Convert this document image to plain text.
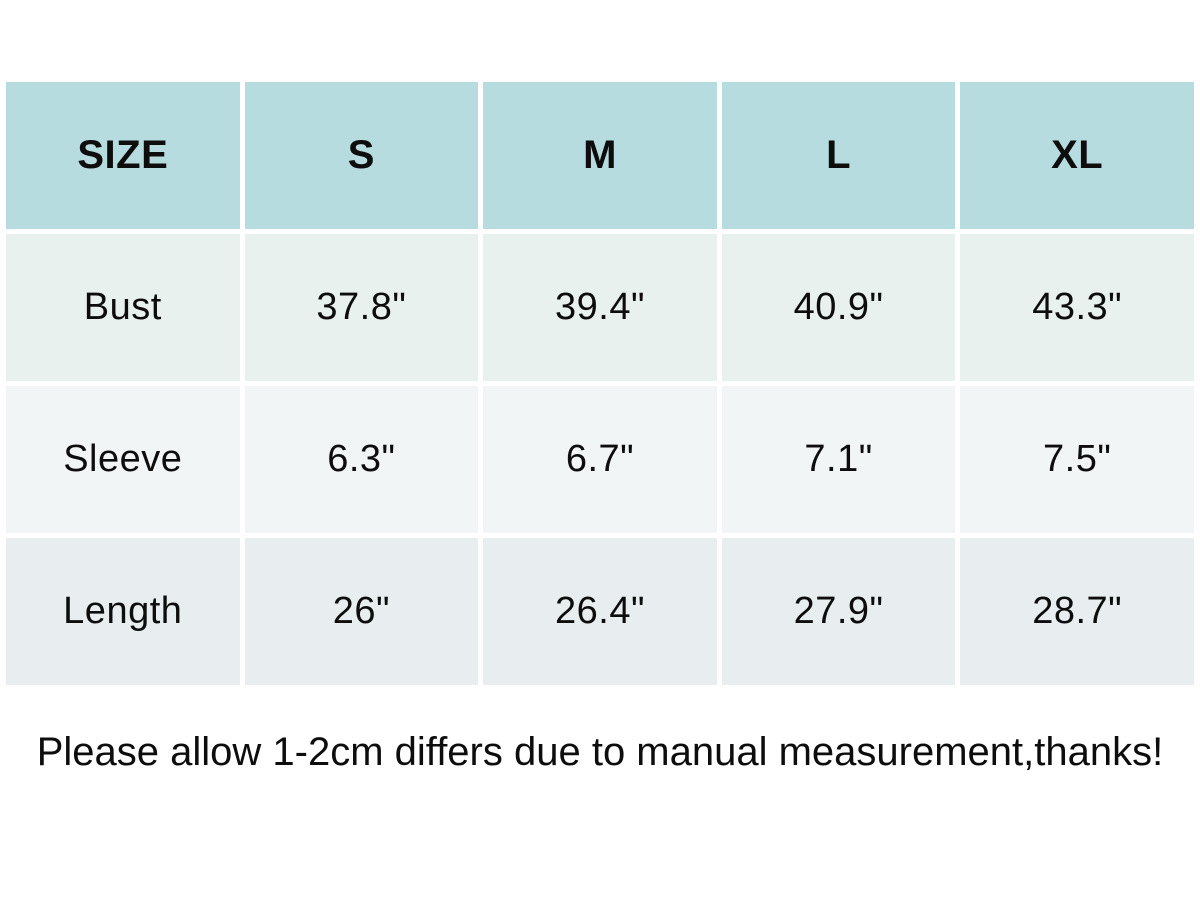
SIZE	S	M	L	XL
Bust	37.8"	39.4"	40.9"	43.3"
Sleeve	6.3"	6.7"	7.1"	7.5"
Length	26"	26.4"	27.9"	28.7"
Please allow 1-2cm differs due to manual measurement,thanks!
